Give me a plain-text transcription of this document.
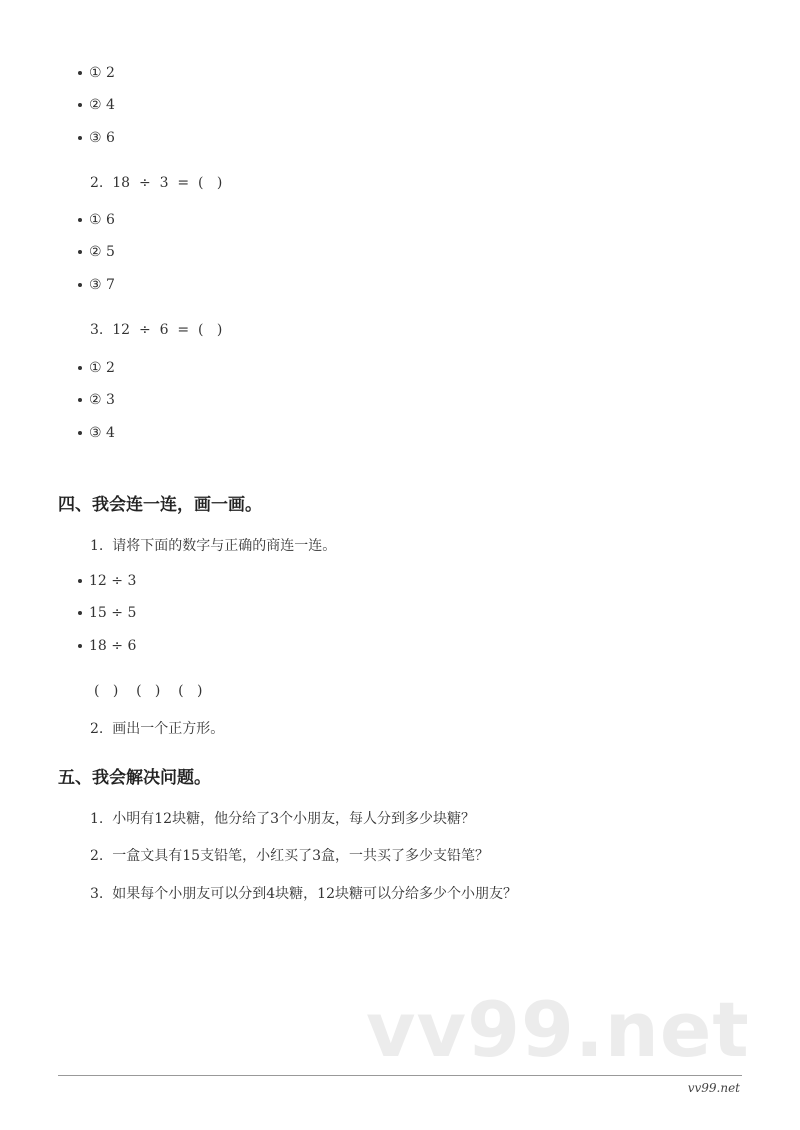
① 2
② 4
③ 6
2.  18  ÷  3  =  (   )
① 6
② 5
③ 7
3.  12  ÷  6  =  (   )
① 2
② 3
③ 4
四、我会连一连，画一画。
1.  请将下面的数字与正确的商连一连。
12 ÷ 3
15 ÷ 5
18 ÷ 6
(   )    (   )    (   )
2.  画出一个正方形。
五、我会解决问题。
1.  小明有12块糖，他分给了3个小朋友，每人分到多少块糖？
2.  一盒文具有15支铅笔，小红买了3盒，一共买了多少支铅笔？
3.  如果每个小朋友可以分到4块糖，12块糖可以分给多少个小朋友？
vv99.net
vv99.net
